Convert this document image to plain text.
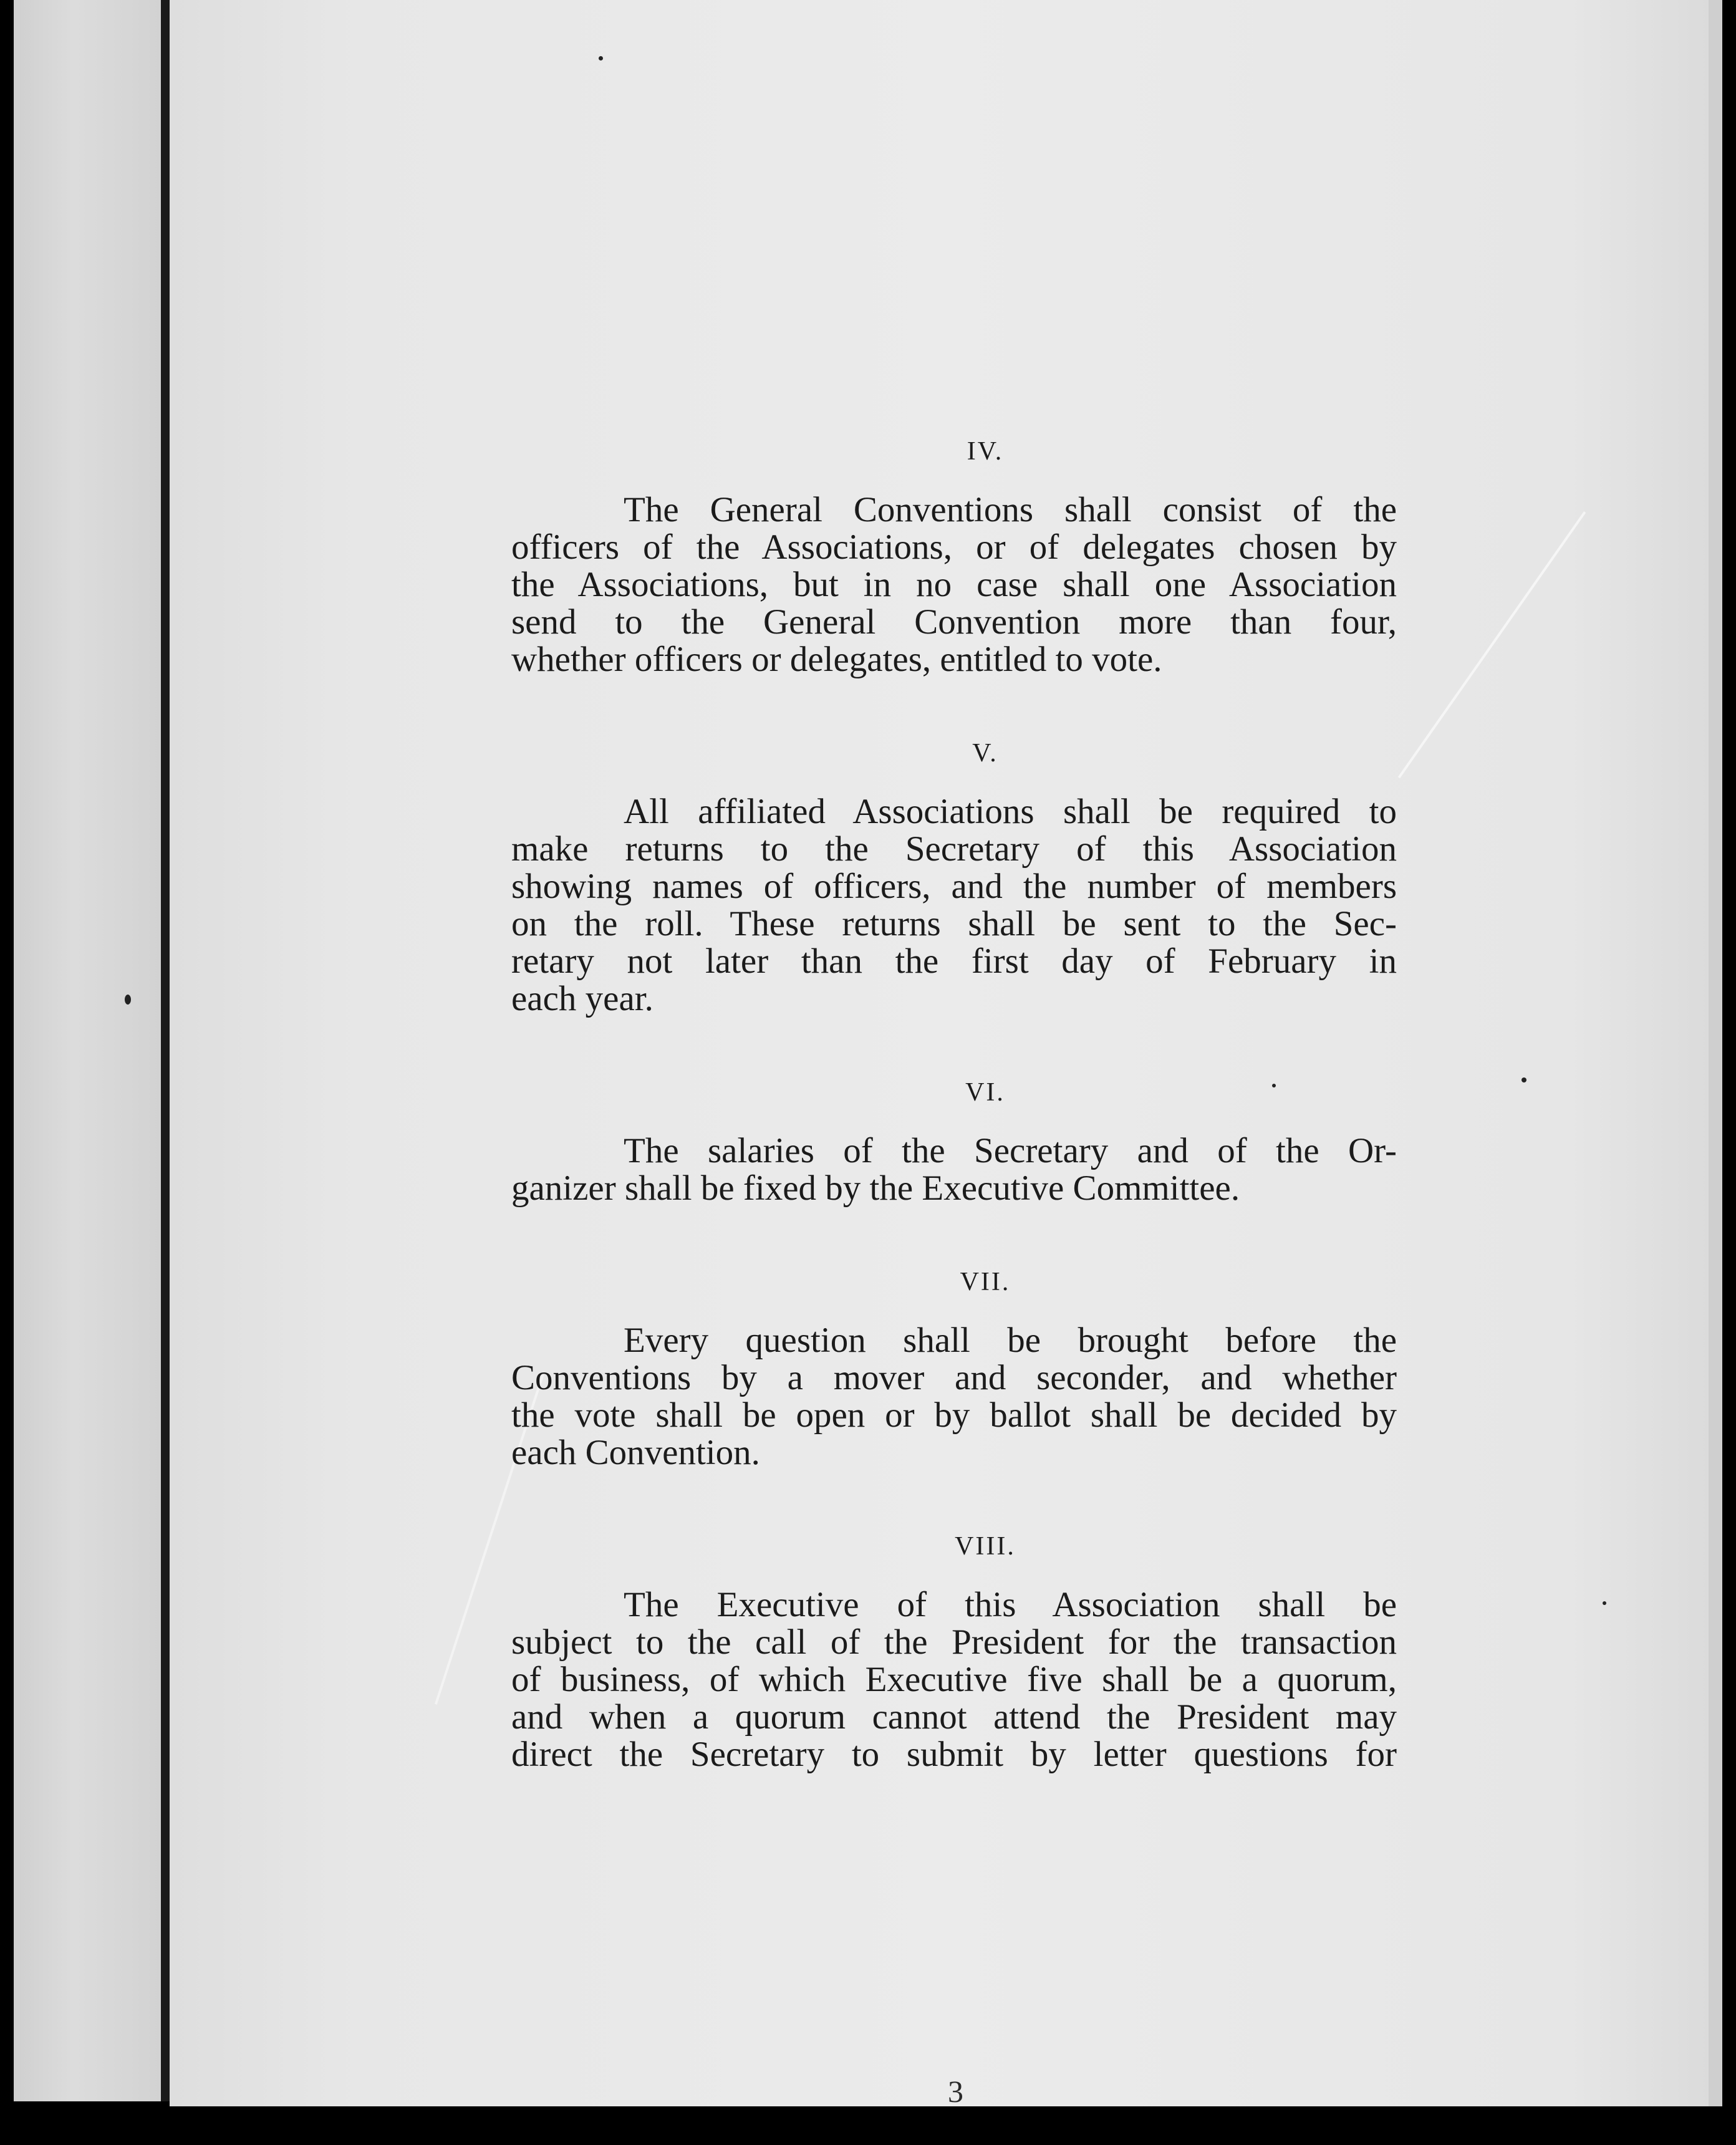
IV.

The General Conventions shall consist of the
officers of the Associations, or of delegates chosen by
the Associations, but in no case shall one Association
send to the General Convention more than four,
whether officers or delegates, entitled to vote.

V.

All affiliated Associations shall be required to
make returns to the Secretary of this Association
showing names of officers, and the number of members
on the roll. These returns shall be sent to the Sec-
retary not later than the first day of February in
each year.

VI.

The salaries of the Secretary and of the Or-
ganizer shall be fixed by the Executive Committee.

VII.

Every question shall be brought before the
Conventions by a mover and seconder, and whether
the vote shall be open or by ballot shall be decided by
each Convention.

VIII.

The Executive of this Association shall be
subject to the call of the President for the transaction
of business, of which Executive five shall be a quorum,
and when a quorum cannot attend the President may
direct the Secretary to submit by letter questions for
3
